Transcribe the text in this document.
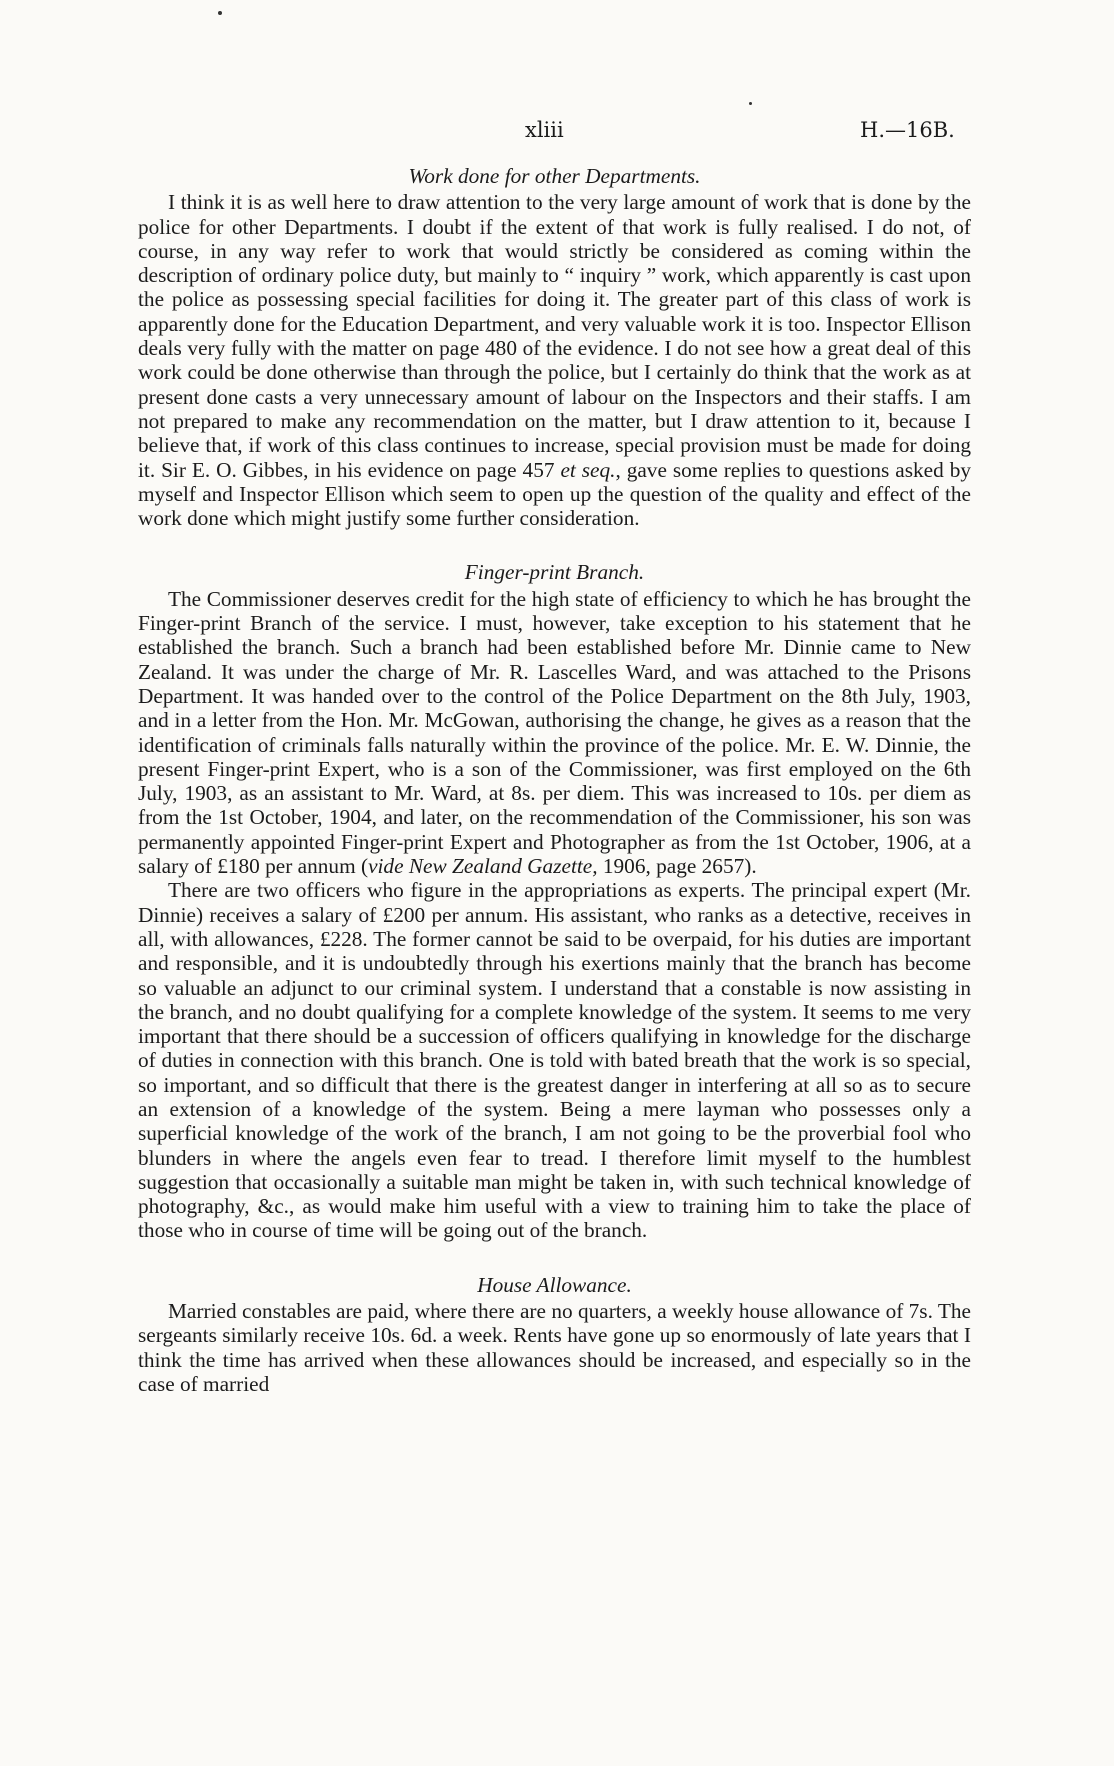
xliii	H.—16B.
Work done for other Departments.

I think it is as well here to draw attention to the very large amount of work that is done by the police for other Departments. I doubt if the extent of that work is fully realised. I do not, of course, in any way refer to work that would strictly be considered as coming within the description of ordinary police duty, but mainly to “ inquiry ” work, which apparently is cast upon the police as possessing special facilities for doing it. The greater part of this class of work is apparently done for the Education Department, and very valuable work it is too. Inspector Ellison deals very fully with the matter on page 480 of the evidence. I do not see how a great deal of this work could be done otherwise than through the police, but I certainly do think that the work as at present done casts a very unnecessary amount of labour on the Inspectors and their staffs. I am not prepared to make any recommendation on the matter, but I draw attention to it, because I believe that, if work of this class continues to increase, special provision must be made for doing it. Sir E. O. Gibbes, in his evidence on page 457 et seq., gave some replies to questions asked by myself and Inspector Ellison which seem to open up the question of the quality and effect of the work done which might justify some further consideration.

Finger-print Branch.

The Commissioner deserves credit for the high state of efficiency to which he has brought the Finger-print Branch of the service. I must, however, take exception to his statement that he established the branch. Such a branch had been established before Mr. Dinnie came to New Zealand. It was under the charge of Mr. R. Lascelles Ward, and was attached to the Prisons Department. It was handed over to the control of the Police Department on the 8th July, 1903, and in a letter from the Hon. Mr. McGowan, authorising the change, he gives as a reason that the identification of criminals falls naturally within the province of the police. Mr. E. W. Dinnie, the present Finger-print Expert, who is a son of the Commissioner, was first employed on the 6th July, 1903, as an assistant to Mr. Ward, at 8s. per diem. This was increased to 10s. per diem as from the 1st October, 1904, and later, on the recommendation of the Commissioner, his son was permanently appointed Finger-print Expert and Photographer as from the 1st October, 1906, at a salary of £180 per annum (vide New Zealand Gazette, 1906, page 2657).

There are two officers who figure in the appropriations as experts. The principal expert (Mr. Dinnie) receives a salary of £200 per annum. His assistant, who ranks as a detective, receives in all, with allowances, £228. The former cannot be said to be overpaid, for his duties are important and responsible, and it is undoubtedly through his exertions mainly that the branch has become so valuable an adjunct to our criminal system. I understand that a constable is now assisting in the branch, and no doubt qualifying for a complete knowledge of the system. It seems to me very important that there should be a succession of officers qualifying in knowledge for the discharge of duties in connection with this branch. One is told with bated breath that the work is so special, so important, and so difficult that there is the greatest danger in interfering at all so as to secure an extension of a knowledge of the system. Being a mere layman who possesses only a superficial knowledge of the work of the branch, I am not going to be the proverbial fool who blunders in where the angels even fear to tread. I therefore limit myself to the humblest suggestion that occasionally a suitable man might be taken in, with such technical knowledge of photography, &c., as would make him useful with a view to training him to take the place of those who in course of time will be going out of the branch.

House Allowance.

Married constables are paid, where there are no quarters, a weekly house allowance of 7s. The sergeants similarly receive 10s. 6d. a week. Rents have gone up so enormously of late years that I think the time has arrived when these allowances should be increased, and especially so in the case of married
